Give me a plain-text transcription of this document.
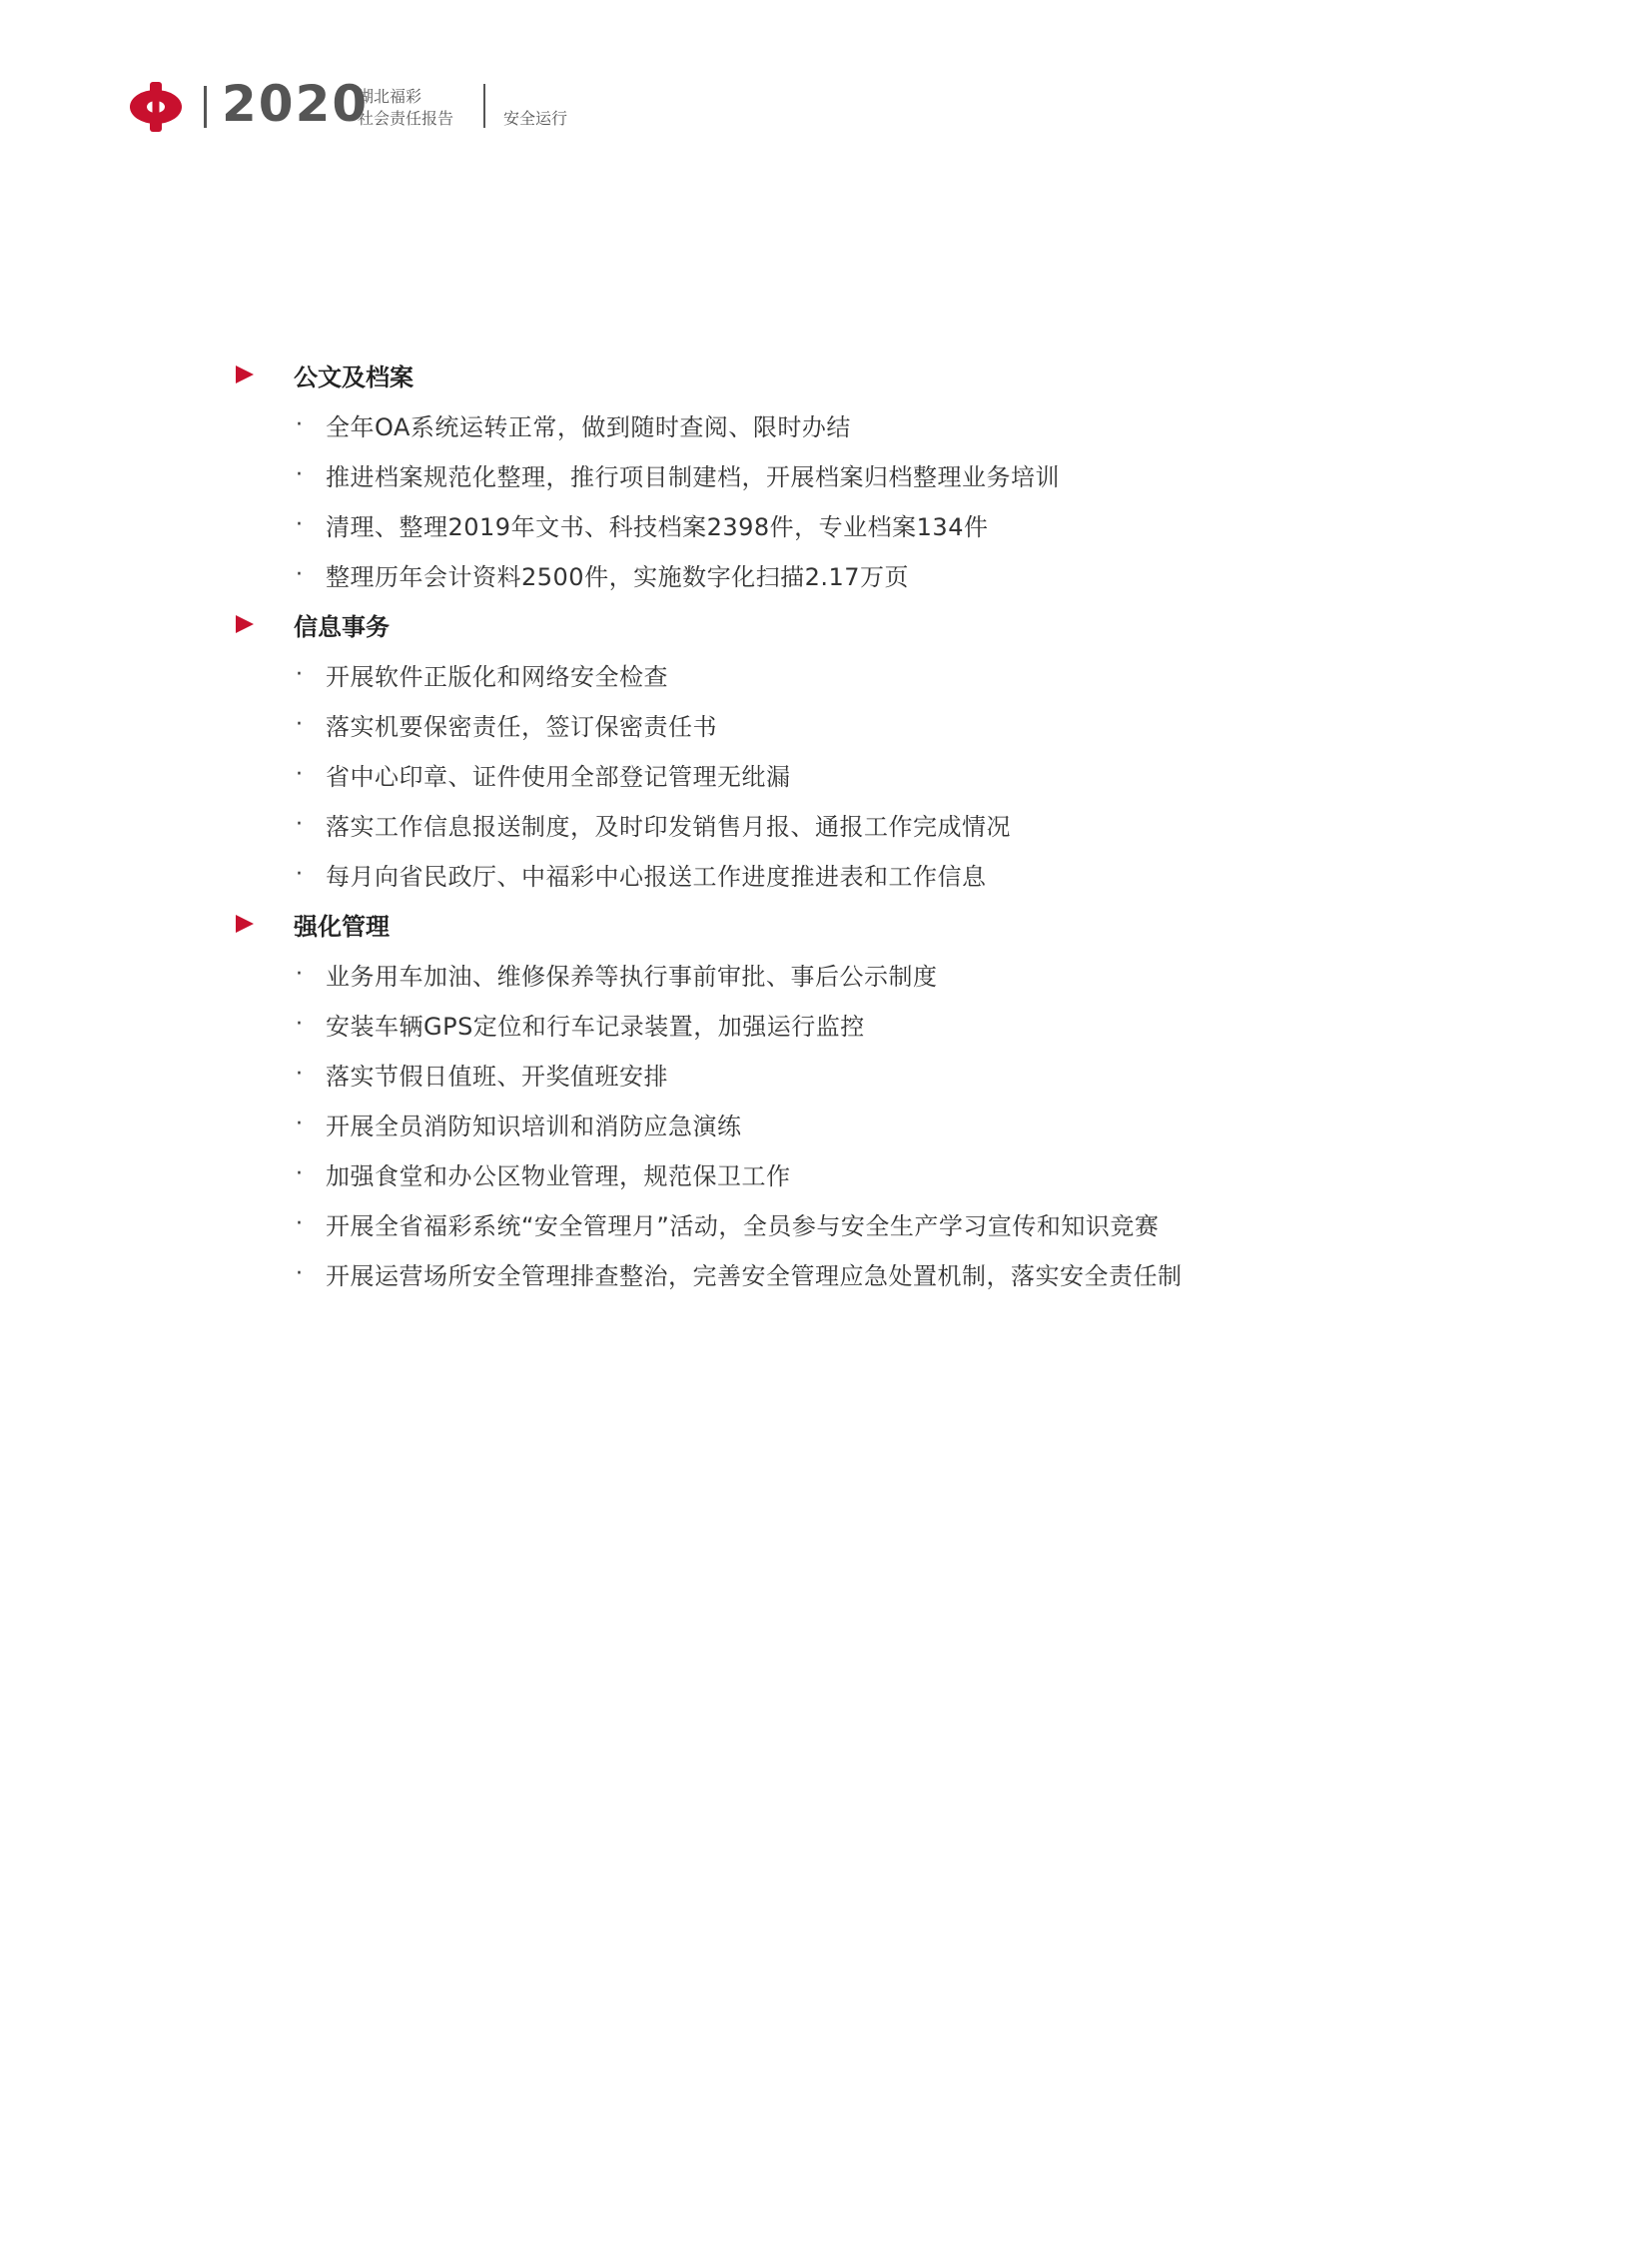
2020
湖北福彩
社会责任报告	安全运行
公文及档案
· 全年OA系统运转正常，做到随时查阅、限时办结
· 推进档案规范化整理，推行项目制建档，开展档案归档整理业务培训
· 清理、整理2019年文书、科技档案2398件，专业档案134件
· 整理历年会计资料2500件，实施数字化扫描2.17万页
信息事务
· 开展软件正版化和网络安全检查
· 落实机要保密责任，签订保密责任书
· 省中心印章、证件使用全部登记管理无纰漏
· 落实工作信息报送制度，及时印发销售月报、通报工作完成情况
· 每月向省民政厅、中福彩中心报送工作进度推进表和工作信息
强化管理
· 业务用车加油、维修保养等执行事前审批、事后公示制度
· 安装车辆GPS定位和行车记录装置，加强运行监控
· 落实节假日值班、开奖值班安排
· 开展全员消防知识培训和消防应急演练
· 加强食堂和办公区物业管理，规范保卫工作
· 开展全省福彩系统“安全管理月”活动，全员参与安全生产学习宣传和知识竞赛
· 开展运营场所安全管理排查整治，完善安全管理应急处置机制，落实安全责任制
